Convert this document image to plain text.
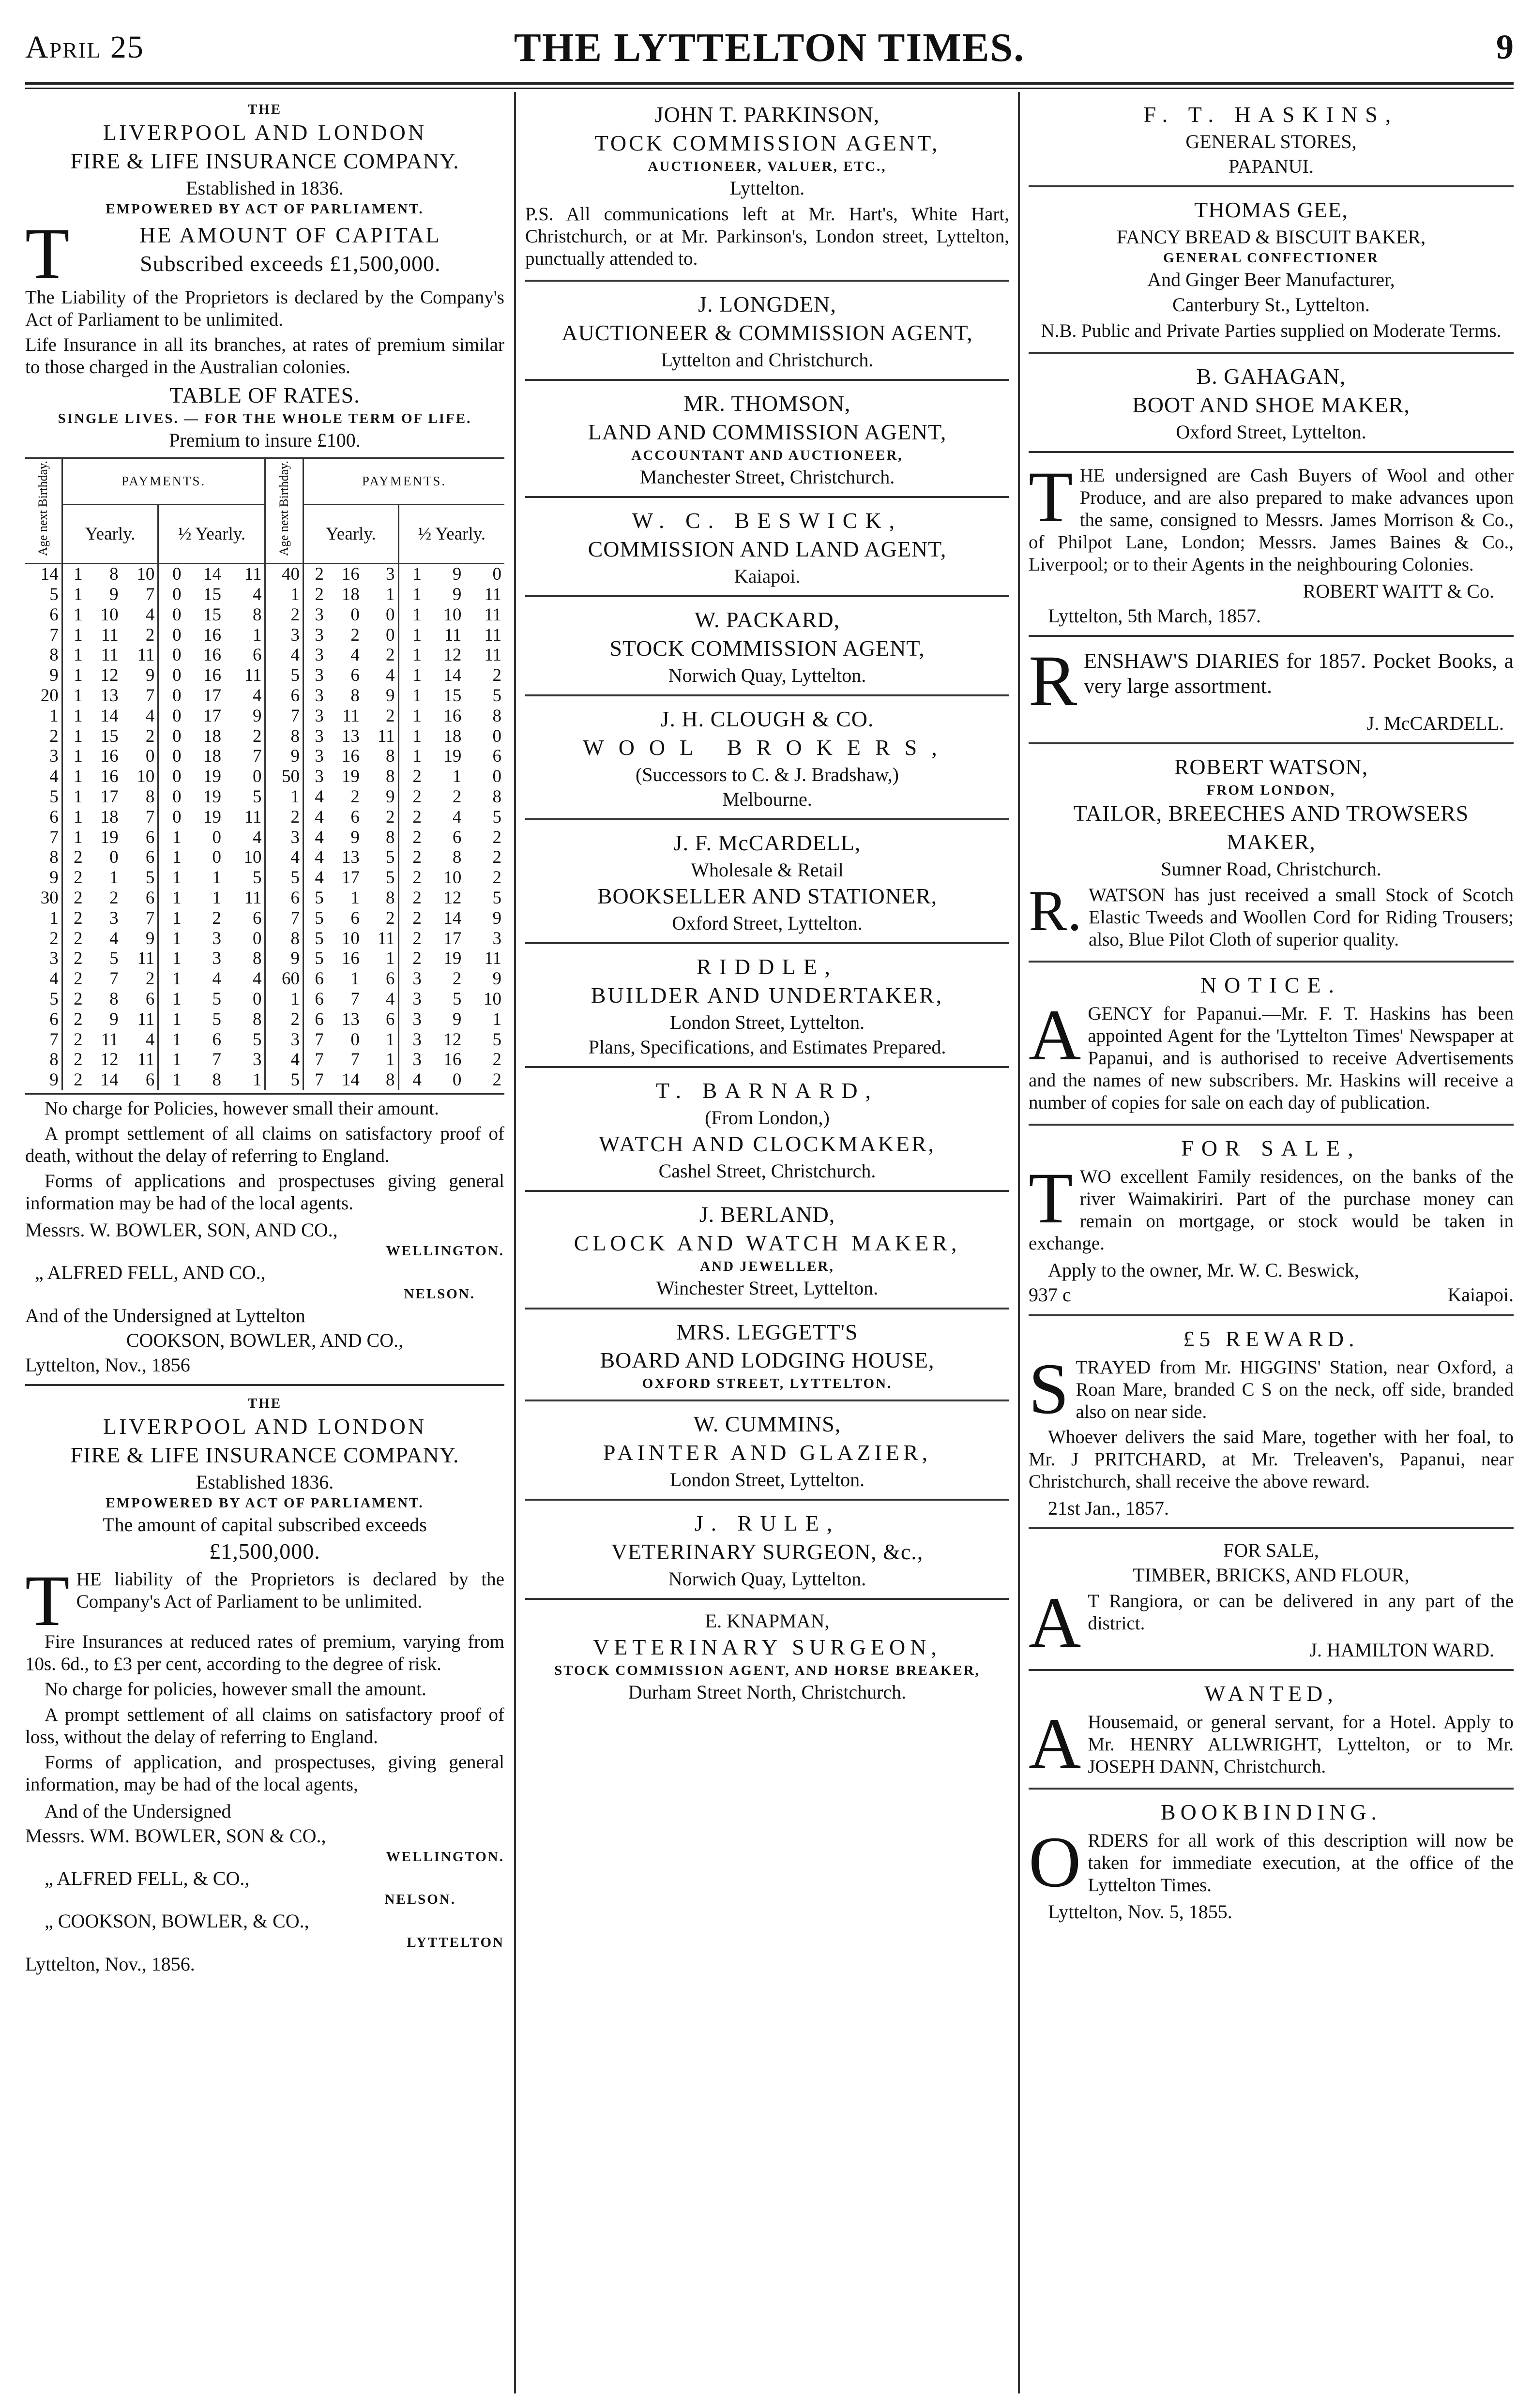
April 25	THE LYTTELTON TIMES.	9
THE
LIVERPOOL AND LONDON
FIRE & LIFE INSURANCE COMPANY.
Established in 1836.
EMPOWERED BY ACT OF PARLIAMENT.
T	HE AMOUNT OF CAPITAL
Subscribed exceeds £1,500,000.
The Liability of the Proprietors is declared by the Company's Act of Parliament to be unlimited.
Life Insurance in all its branches, at rates of premium similar to those charged in the Australian colonies.
TABLE OF RATES.
SINGLE LIVES. — FOR THE WHOLE TERM OF LIFE.
Premium to insure £100.
Age next Birthday.	PAYMENTS.						Age next Birthday.	PAYMENTS.					
	Yearly.			½ Yearly.				Yearly.			½ Yearly.		
14	1	8	10	0	14	11	40	2	16	3	1	9	0
5	1	9	7	0	15	4	1	2	18	1	1	9	11
6	1	10	4	0	15	8	2	3	0	0	1	10	11
7	1	11	2	0	16	1	3	3	2	0	1	11	11
8	1	11	11	0	16	6	4	3	4	2	1	12	11
9	1	12	9	0	16	11	5	3	6	4	1	14	2
20	1	13	7	0	17	4	6	3	8	9	1	15	5
1	1	14	4	0	17	9	7	3	11	2	1	16	8
2	1	15	2	0	18	2	8	3	13	11	1	18	0
3	1	16	0	0	18	7	9	3	16	8	1	19	6
4	1	16	10	0	19	0	50	3	19	8	2	1	0
5	1	17	8	0	19	5	1	4	2	9	2	2	8
6	1	18	7	0	19	11	2	4	6	2	2	4	5
7	1	19	6	1	0	4	3	4	9	8	2	6	2
8	2	0	6	1	0	10	4	4	13	5	2	8	2
9	2	1	5	1	1	5	5	4	17	5	2	10	2
30	2	2	6	1	1	11	6	5	1	8	2	12	5
1	2	3	7	1	2	6	7	5	6	2	2	14	9
2	2	4	9	1	3	0	8	5	10	11	2	17	3
3	2	5	11	1	3	8	9	5	16	1	2	19	11
4	2	7	2	1	4	4	60	6	1	6	3	2	9
5	2	8	6	1	5	0	1	6	7	4	3	5	10
6	2	9	11	1	5	8	2	6	13	6	3	9	1
7	2	11	4	1	6	5	3	7	0	1	3	12	5
8	2	12	11	1	7	3	4	7	7	1	3	16	2
9	2	14	6	1	8	1	5	7	14	8	4	0	2
No charge for Policies, however small their amount.
A prompt settlement of all claims on satisfactory proof of death, without the delay of referring to England.
Forms of applications and prospectuses giving general information may be had of the local agents.
Messrs. W. BOWLER, SON, AND CO.,
WELLINGTON.
„ ALFRED FELL, AND CO.,
NELSON.
And of the Undersigned at Lyttelton
COOKSON, BOWLER, AND CO.,
Lyttelton, Nov., 1856
THE
LIVERPOOL AND LONDON
FIRE & LIFE INSURANCE COMPANY.
Established 1836.
EMPOWERED BY ACT OF PARLIAMENT.
The amount of capital subscribed exceeds
£1,500,000.
T HE liability of the Proprietors is declared by the Company's Act of Parliament to be unlimited.
Fire Insurances at reduced rates of premium, varying from 10s. 6d., to £3 per cent, according to the degree of risk.
No charge for policies, however small the amount.
A prompt settlement of all claims on satisfactory proof of loss, without the delay of referring to England.
Forms of application, and prospectuses, giving general information, may be had of the local agents,
And of the Undersigned
Messrs. WM. BOWLER, SON & CO.,
WELLINGTON.
„ ALFRED FELL, & CO.,
NELSON.
„ COOKSON, BOWLER, & CO.,
LYTTELTON
Lyttelton, Nov., 1856.
JOHN T. PARKINSON,
TOCK COMMISSION AGENT,
AUCTIONEER, VALUER, ETC.,
Lyttelton.
P.S. All communications left at Mr. Hart's, White Hart, Christchurch, or at Mr. Parkinson's, London street, Lyttelton, punctually attended to.
J. LONGDEN,
AUCTIONEER & COMMISSION AGENT,
Lyttelton and Christchurch.
MR. THOMSON,
LAND AND COMMISSION AGENT,
ACCOUNTANT AND AUCTIONEER,
Manchester Street, Christchurch.
W. C. BESWICK,
COMMISSION AND LAND AGENT,
Kaiapoi.
W. PACKARD,
STOCK COMMISSION AGENT,
Norwich Quay, Lyttelton.
J. H. CLOUGH & CO.
WOOL BROKERS,
(Successors to C. & J. Bradshaw,)
Melbourne.
J. F. McCARDELL,
Wholesale & Retail
BOOKSELLER AND STATIONER,
Oxford Street, Lyttelton.
RIDDLE,
BUILDER AND UNDERTAKER,
London Street, Lyttelton.
Plans, Specifications, and Estimates Prepared.
T. BARNARD,
(From London,)
WATCH AND CLOCKMAKER,
Cashel Street, Christchurch.
J. BERLAND,
CLOCK AND WATCH MAKER,
AND JEWELLER,
Winchester Street, Lyttelton.
MRS. LEGGETT'S
BOARD AND LODGING HOUSE,
OXFORD STREET, LYTTELTON.
W. CUMMINS,
PAINTER AND GLAZIER,
London Street, Lyttelton.
J. RULE,
VETERINARY SURGEON, &c.,
Norwich Quay, Lyttelton.
E. KNAPMAN,
VETERINARY SURGEON,
STOCK COMMISSION AGENT, AND HORSE BREAKER,
Durham Street North, Christchurch.
F. T. HASKINS,
GENERAL STORES,
PAPANUI.
THOMAS GEE,
FANCY BREAD & BISCUIT BAKER,
GENERAL CONFECTIONER
And Ginger Beer Manufacturer,
Canterbury St., Lyttelton.
N.B. Public and Private Parties supplied on Moderate Terms.
B. GAHAGAN,
BOOT AND SHOE MAKER,
Oxford Street, Lyttelton.
T HE undersigned are Cash Buyers of Wool and other Produce, and are also prepared to make advances upon the same, consigned to Messrs. James Morrison & Co., of Philpot Lane, London; Messrs. James Baines & Co., Liverpool; or to their Agents in the neighbouring Colonies.
ROBERT WAITT & Co.
Lyttelton, 5th March, 1857.
R ENSHAW'S DIARIES for 1857. Pocket Books, a very large assortment.
J. McCARDELL.
ROBERT WATSON,
FROM LONDON,
TAILOR, BREECHES AND TROWSERS MAKER,
Sumner Road, Christchurch.
R. WATSON has just received a small Stock of Scotch Elastic Tweeds and Woollen Cord for Riding Trousers; also, Blue Pilot Cloth of superior quality.
NOTICE.
A GENCY for Papanui.—Mr. F. T. Haskins has been appointed Agent for the 'Lyttelton Times' Newspaper at Papanui, and is authorised to receive Advertisements and the names of new subscribers. Mr. Haskins will receive a number of copies for sale on each day of publication.
FOR SALE,
T WO excellent Family residences, on the banks of the river Waimakiriri. Part of the purchase money can remain on mortgage, or stock would be taken in exchange.
Apply to the owner, Mr. W. C. Beswick,
937 c	Kaiapoi.
£5 REWARD.
S TRAYED from Mr. HIGGINS' Station, near Oxford, a Roan Mare, branded C S on the neck, off side, branded also on near side.
Whoever delivers the said Mare, together with her foal, to Mr. J PRITCHARD, at Mr. Treleaven's, Papanui, near Christchurch, shall receive the above reward.
21st Jan., 1857.
FOR SALE,
TIMBER, BRICKS, AND FLOUR,
A T Rangiora, or can be delivered in any part of the district.
J. HAMILTON WARD.
WANTED,
A Housemaid, or general servant, for a Hotel. Apply to Mr. HENRY ALLWRIGHT, Lyttelton, or to Mr. JOSEPH DANN, Christchurch.
BOOKBINDING.
O RDERS for all work of this description will now be taken for immediate execution, at the office of the Lyttelton Times.
Lyttelton, Nov. 5, 1855.
